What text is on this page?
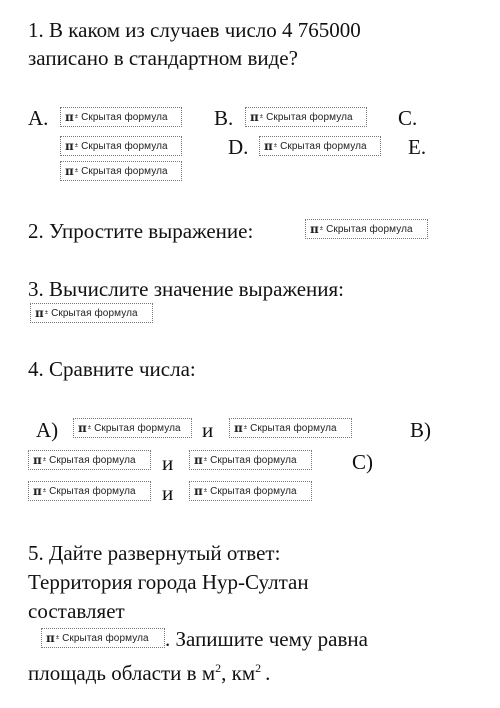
1. В каком из случаев число 4 765000
записано в стандартном виде?
A. π ± Скрытая формула B. π ± Скрытая формула C.
π ± Скрытая формула	D. π ± Скрытая формула E.
π ± Скрытая формула
2. Упростите выражение:	π ± Скрытая формула
3. Вычислите значение выражения:
π ± Скрытая формула
4. Сравните числа:
A) π ± Скрытая формула и π ± Скрытая формула	B)
π ± Скрытая формула и π ± Скрытая формула	C)
π ± Скрытая формула и π ± Скрытая формула
5. Дайте развернутый ответ:
Территория города Нур-Султан
составляет
π ± Скрытая формула . Запишите чему равна
площадь области в $м^2$, $км^2$ .
